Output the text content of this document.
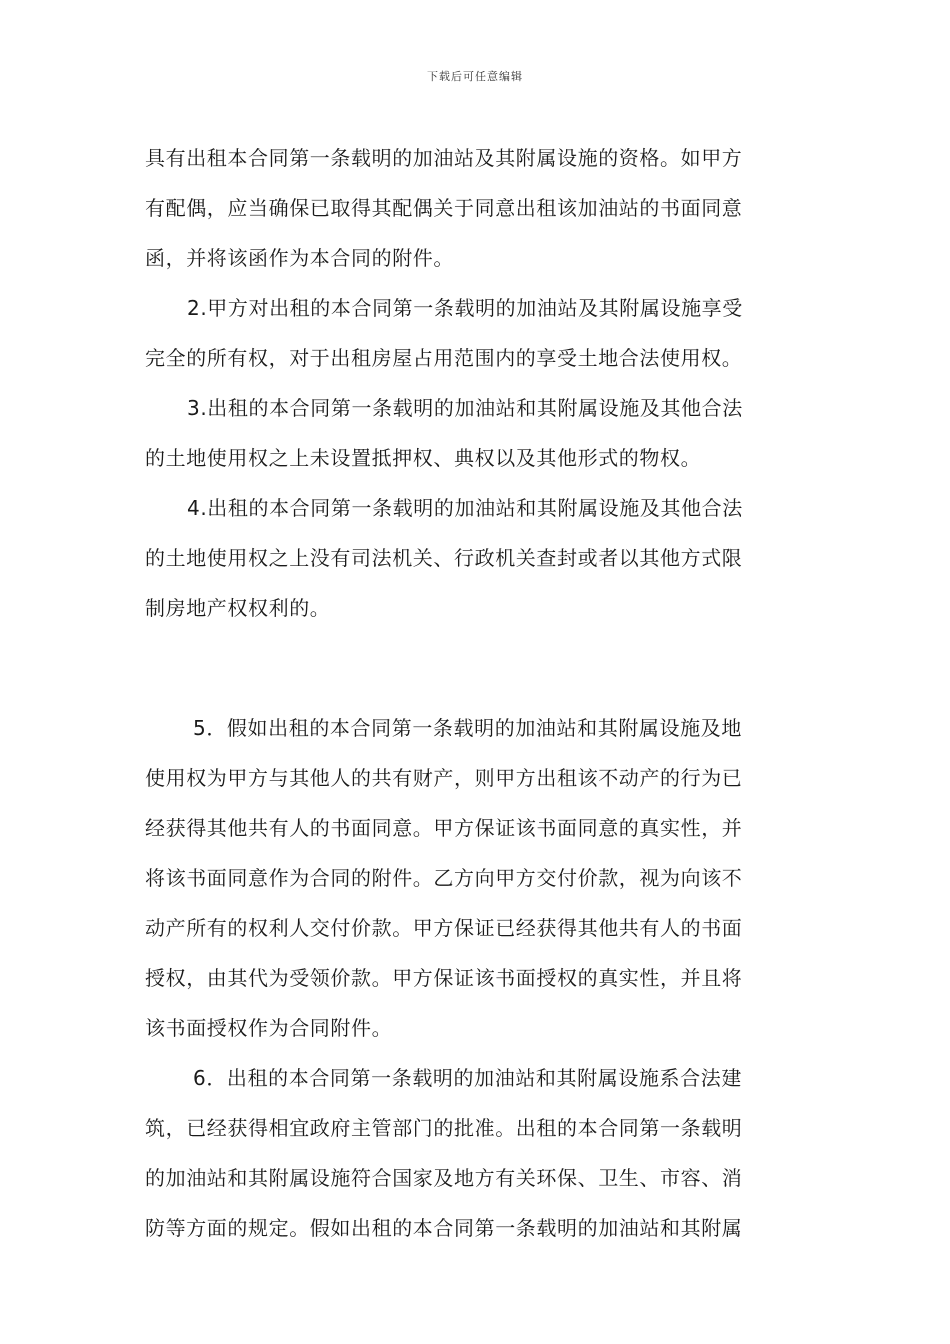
下载后可任意编辑
具有出租本合同第一条载明的加油站及其附属设施的资格。如甲方
有配偶，应当确保已取得其配偶关于同意出租该加油站的书面同意
函，并将该函作为本合同的附件。
2.甲方对出租的本合同第一条载明的加油站及其附属设施享受
完全的所有权，对于出租房屋占用范围内的享受土地合法使用权。
3.出租的本合同第一条载明的加油站和其附属设施及其他合法
的土地使用权之上未设置抵押权、典权以及其他形式的物权。
4.出租的本合同第一条载明的加油站和其附属设施及其他合法
的土地使用权之上没有司法机关、行政机关查封或者以其他方式限
制房地产权权利的。
5．假如出租的本合同第一条载明的加油站和其附属设施及地
使用权为甲方与其他人的共有财产，则甲方出租该不动产的行为已
经获得其他共有人的书面同意。甲方保证该书面同意的真实性，并
将该书面同意作为合同的附件。乙方向甲方交付价款，视为向该不
动产所有的权利人交付价款。甲方保证已经获得其他共有人的书面
授权，由其代为受领价款。甲方保证该书面授权的真实性，并且将
该书面授权作为合同附件。
6．出租的本合同第一条载明的加油站和其附属设施系合法建
筑，已经获得相宜政府主管部门的批准。出租的本合同第一条载明
的加油站和其附属设施符合国家及地方有关环保、卫生、市容、消
防等方面的规定。假如出租的本合同第一条载明的加油站和其附属
